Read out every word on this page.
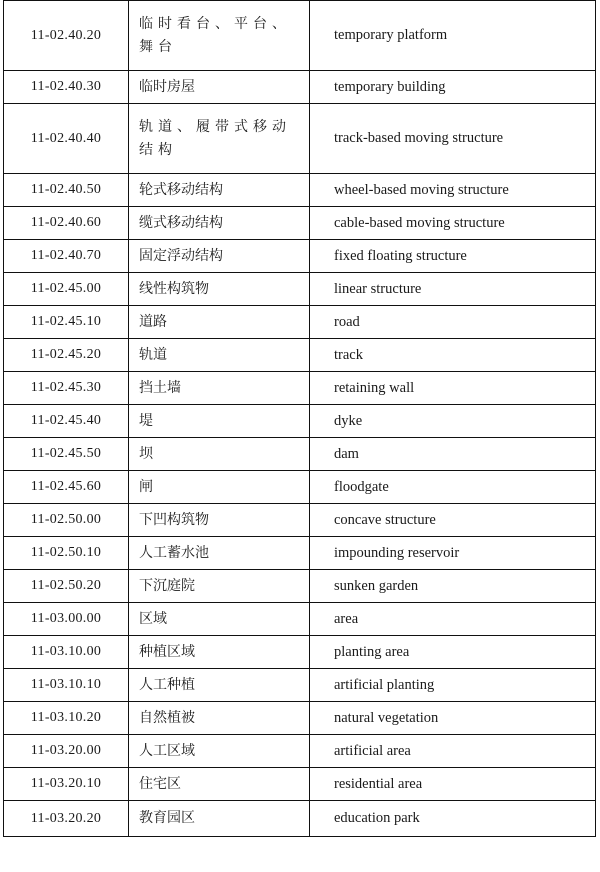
11-02.40.20	临时看台、平台、舞台	temporary platform
11-02.40.30	临时房屋	temporary building
11-02.40.40	轨道、履带式移动结构	track-based moving structure
11-02.40.50	轮式移动结构	wheel-based moving structure
11-02.40.60	缆式移动结构	cable-based moving structure
11-02.40.70	固定浮动结构	fixed floating structure
11-02.45.00	线性构筑物	linear structure
11-02.45.10	道路	road
11-02.45.20	轨道	track
11-02.45.30	挡土墙	retaining wall
11-02.45.40	堤	dyke
11-02.45.50	坝	dam
11-02.45.60	闸	floodgate
11-02.50.00	下凹构筑物	concave structure
11-02.50.10	人工蓄水池	impounding reservoir
11-02.50.20	下沉庭院	sunken garden
11-03.00.00	区域	area
11-03.10.00	种植区域	planting area
11-03.10.10	人工种植	artificial planting
11-03.10.20	自然植被	natural vegetation
11-03.20.00	人工区域	artificial area
11-03.20.10	住宅区	residential area
11-03.20.20	教育园区	education park
